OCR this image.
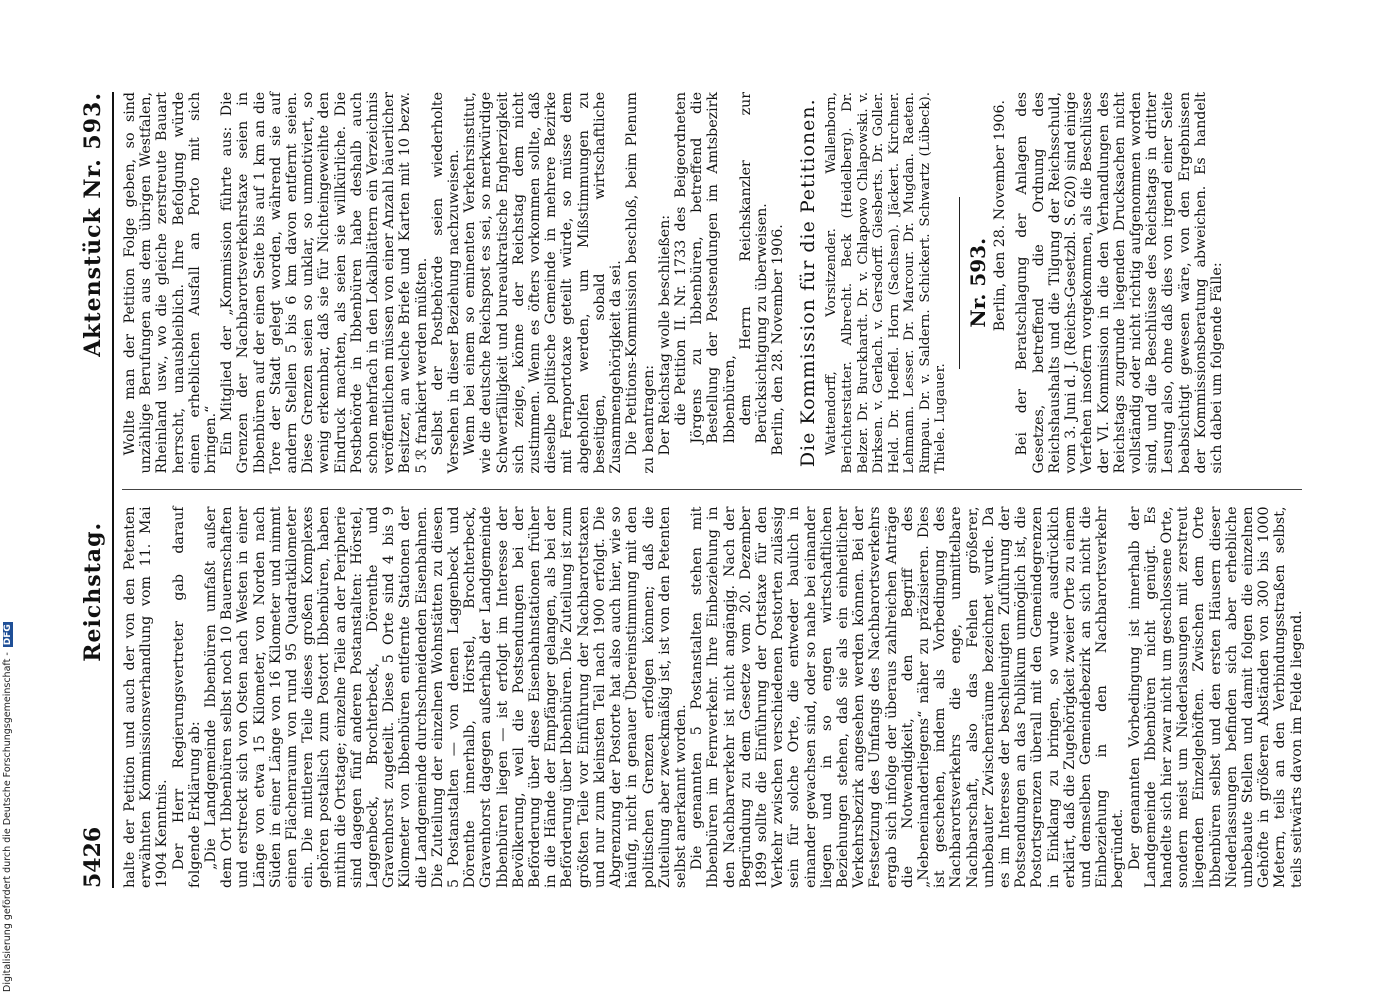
5426
Reichstag.
Aktenstück Nr. 593.

halte der Petition und auch der von den Petenten erwähnten Kommissionsverhandlung vom 11. Mai 1904 Kenntnis. Der Herr Regierungsvertreter gab darauf folgende Erklärung ab: „Die Landgemeinde Ibbenbüren umfaßt außer dem Ort Ibbenbüren selbst noch 10 Bauernschaften und erstreckt sich von Osten nach Westen in einer Länge von etwa 15 Kilometer, von Norden nach Süden in einer Länge von 16 Kilometer und nimmt einen Flächenraum von rund 95 Quadratkilometer ein. Die mittleren Teile dieses großen Komplexes gehören postalisch zum Postort Ibbenbüren, haben mithin die Ortstage; einzelne Teile an der Peripherie sind dagegen fünf anderen Postanstalten: Hörstel, Laggenbeck, Brochterbeck, Dörenthe und Gravenhorst zugeteilt. Diese 5 Orte sind 4 bis 9 Kilometer von Ibbenbüren entfernte Stationen der die Landgemeinde durchschneidenden Eisenbahnen. Die Zuteilung der einzelnen Wohnstätten zu diesen 5 Postanstalten — von denen Laggenbeck und Dörenthe innerhalb, Hörstel, Brochterbeck, Gravenhorst dagegen außerhalb der Landgemeinde Ibbenbüren liegen — ist erfolgt im Interesse der Bevölkerung, weil die Postsendungen bei der Beförderung über diese Eisenbahnstationen früher in die Hände der Empfänger gelangen, als bei der Beförderung über Ibbenbüren. Die Zuteilung ist zum größten Teile vor Einführung der Nachbarortstaxen und nur zum kleinsten Teil nach 1900 erfolgt. Die Abgrenzung der Postorte hat also auch hier, wie so häufig, nicht in genauer Übereinstimmung mit den politischen Grenzen erfolgen können; daß die Zuteilung aber zweckmäßig ist, ist von den Petenten selbst anerkannt worden. Die genannten 5 Postanstalten stehen mit Ibbenbüren im Fernverkehr. Ihre Einbeziehung in den Nachbarverkehr ist nicht angängig. Nach der Begründung zu dem Gesetze vom 20. Dezember 1899 sollte die Einführung der Ortstaxe für den Verkehr zwischen verschiedenen Postorten zulässig sein für solche Orte, die entweder baulich in einander gewachsen sind, oder so nahe bei einander liegen und in so engen wirtschaftlichen Beziehungen stehen, daß sie als ein einheitlicher Verkehrsbezirk angesehen werden können. Bei der Festsetzung des Umfangs des Nachbarortsverkehrs ergab sich infolge der überaus zahlreichen Anträge die Notwendigkeit, den Begriff des „Nebeneinanderliegens“ näher zu präzisieren. Dies ist geschehen, indem als Vorbedingung des Nachbarortsverkehrs die enge, unmittelbare Nachbarschaft, also das Fehlen größerer, unbebauter Zwischenräume bezeichnet wurde. Da es im Interesse der beschleunigten Zuführung der Postsendungen an das Publikum unmöglich ist, die Postortsgrenzen überall mit den Gemeindegrenzen in Einklang zu bringen, so wurde ausdrücklich erklärt, daß die Zugehörigkeit zweier Orte zu einem und demselben Gemeindebezirk an sich nicht die Einbeziehung in den Nachbarortsverkehr begründet. Der genannten Vorbedingung ist innerhalb der Landgemeinde Ibbenbüren nicht genügt. Es handelte sich hier zwar nicht um geschlossene Orte, sondern meist um Niederlassungen mit zerstreut liegenden Einzelgehöften. Zwischen dem Orte Ibbenbüren selbst und den ersten Häusern dieser Niederlassungen befinden sich aber erhebliche unbebaute Stellen und damit folgen die einzelnen Gehöfte in größeren Abständen von 300 bis 1000 Metern, teils an den Verbindungsstraßen selbst, teils seitwärts davon im Felde liegend.

Wollte man der Petition Folge geben, so sind unzählige Berufungen aus dem übrigen Westfalen, Rheinland usw., wo die gleiche zerstreute Bauart herrscht, unausbleiblich. Ihre Befolgung würde einen erheblichen Ausfall an Porto mit sich bringen.“ Ein Mitglied der „Kommission führte aus: Die Grenzen der Nachbarortsverkehrstaxe seien in Ibbenbüren auf der einen Seite bis auf 1 km an die Tore der Stadt gelegt worden, während sie auf andern Stellen 5 bis 6 km davon entfernt seien. Diese Grenzen seien so unklar, so unmotiviert, so wenig erkennbar, daß sie für Nichteingeweihte den Eindruck machten, als seien sie willkürliche. Die Postbehörde in Ibbenbüren habe deshalb auch schon mehrfach in den Lokalblättern ein Verzeichnis veröffentlichen müssen von einer Anzahl bäuerlicher Besitzer, an welche Briefe und Karten mit 10 bezw. 5 ℛ frankiert werden müßten. Selbst der Postbehörde seien wiederholte Versehen in dieser Beziehung nachzuweisen. Wenn bei einem so eminenten Verkehrsinstitut, wie die deutsche Reichspost es sei, so merkwürdige Schwerfälligkeit und bureaukratische Engherzigkeit sich zeige, könne der Reichstag dem nicht zustimmen. Wenn es öfters vorkommen sollte, daß dieselbe politische Gemeinde in mehrere Bezirke mit Fernportotaxe geteilt würde, so müsse dem abgeholfen werden, um Mißstimmungen zu beseitigen, sobald wirtschaftliche Zusammengehörigkeit da sei. Die Petitions-Kommission beschloß, beim Plenum zu beantragen: Der Reichstag wolle beschließen: die Petition II. Nr. 1733 des Beigeordneten Jörgens zu Ibbenbüren, betreffend die Bestellung der Postsendungen im Amtsbezirk Ibbenbüren, dem Herrn Reichskanzler zur Berücksichtigung zu überweisen. Berlin, den 28. November 1906. Die Kommission für die Petitionen. Wattendorff, Vorsitzender. Wallenborn, Berichterstatter. Albrecht. Beck (Heidelberg). Dr. Belzer. Dr. Burckhardt. Dr. v. Chlapowo Chlapowski. v. Dirksen. v. Gerlach. v. Gersdorff. Giesberts. Dr. Goller. Held. Dr. Hoeffel. Horn (Sachsen). Jäckert. Kirchner. Lehmann. Lesser. Dr. Marcour. Dr. Mugdan. Raeten. Rimpau. Dr. v. Saldern. Schickert. Schwartz (Lübeck). Thiele. Lugauer.

Nr. 593. Berlin, den 28. November 1906. Bei der Beratschlagung der Anlagen des Gesetzes, betreffend die Ordnung des Reichshaushalts und die Tilgung der Reichsschuld, vom 3. Juni d. J. (Reichs-Gesetzbl. S. 620) sind einige Verfehen insofern vorgekommen, als die Beschlüsse der VI. Kommission in die den Verhandlungen des Reichstags zugrunde liegenden Drucksachen nicht vollständig oder nicht richtig aufgenommen worden sind, und die Beschlüsse des Reichstags in dritter Lesung also, ohne daß dies von irgend einer Seite beabsichtigt gewesen wäre, von den Ergebnissen der Kommissionsberatung abweichen. Es handelt sich dabei um folgende Fälle:

Digitalisierung gefördert durch die Deutsche Forschungsgemeinschaft - DFG
